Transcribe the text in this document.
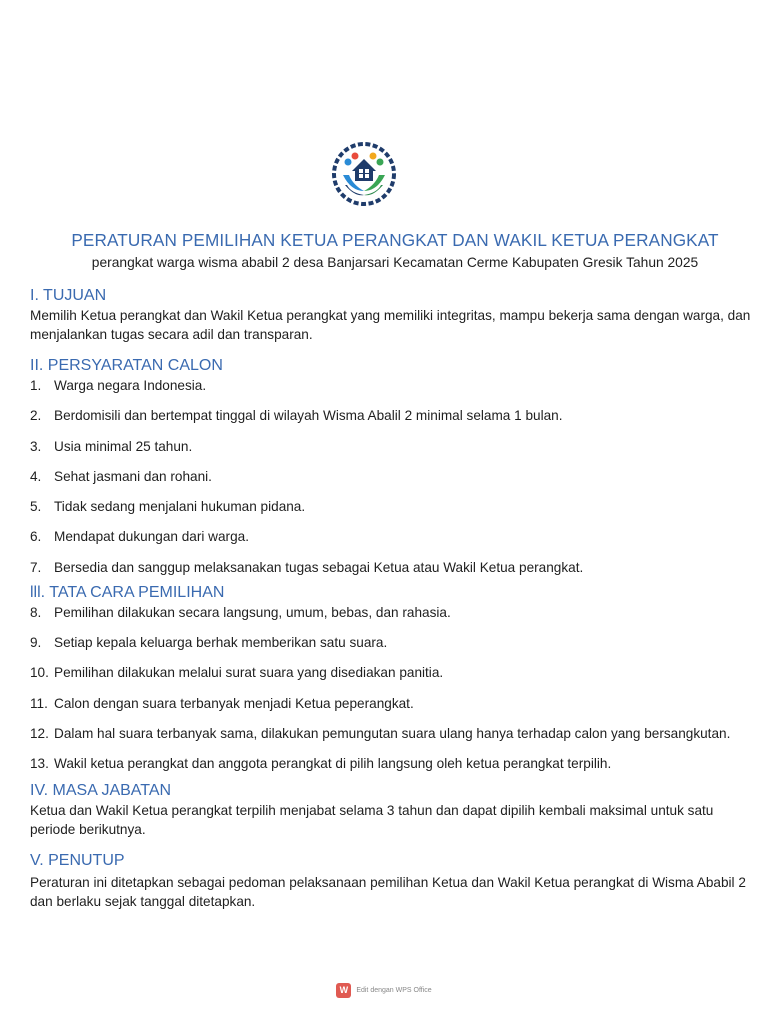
PERATURAN PEMILIHAN KETUA PERANGKAT DAN WAKIL KETUA PERANGKAT
perangkat warga wisma ababil 2 desa Banjarsari Kecamatan Cerme Kabupaten Gresik Tahun 2025
I. TUJUAN
Memilih Ketua perangkat dan Wakil Ketua perangkat yang memiliki integritas, mampu bekerja sama dengan warga, dan menjalankan tugas secara adil dan transparan.
II. PERSYARATAN CALON
1. Warga negara Indonesia.
2. Berdomisili dan bertempat tinggal di wilayah Wisma Abalil 2 minimal selama 1 bulan.
3. Usia minimal 25 tahun.
4. Sehat jasmani dan rohani.
5. Tidak sedang menjalani hukuman pidana.
6. Mendapat dukungan dari warga.
7. Bersedia dan sanggup melaksanakan tugas sebagai Ketua atau Wakil Ketua perangkat.
lll. TATA CARA PEMILIHAN
8. Pemilihan dilakukan secara langsung, umum, bebas, dan rahasia.
9. Setiap kepala keluarga berhak memberikan satu suara.
10. Pemilihan dilakukan melalui surat suara yang disediakan panitia.
11. Calon dengan suara terbanyak menjadi Ketua peperangkat.
12. Dalam hal suara terbanyak sama, dilakukan pemungutan suara ulang hanya terhadap calon yang bersangkutan.
13. Wakil ketua perangkat dan anggota perangkat di pilih langsung oleh ketua perangkat terpilih.
IV. MASA JABATAN
Ketua dan Wakil Ketua perangkat terpilih menjabat selama 3 tahun dan dapat dipilih kembali maksimal untuk satu periode berikutnya.
V. PENUTUP
Peraturan ini ditetapkan sebagai pedoman pelaksanaan pemilihan Ketua dan Wakil Ketua perangkat di Wisma Ababil 2 dan berlaku sejak tanggal ditetapkan.
W Edit dengan WPS Office
